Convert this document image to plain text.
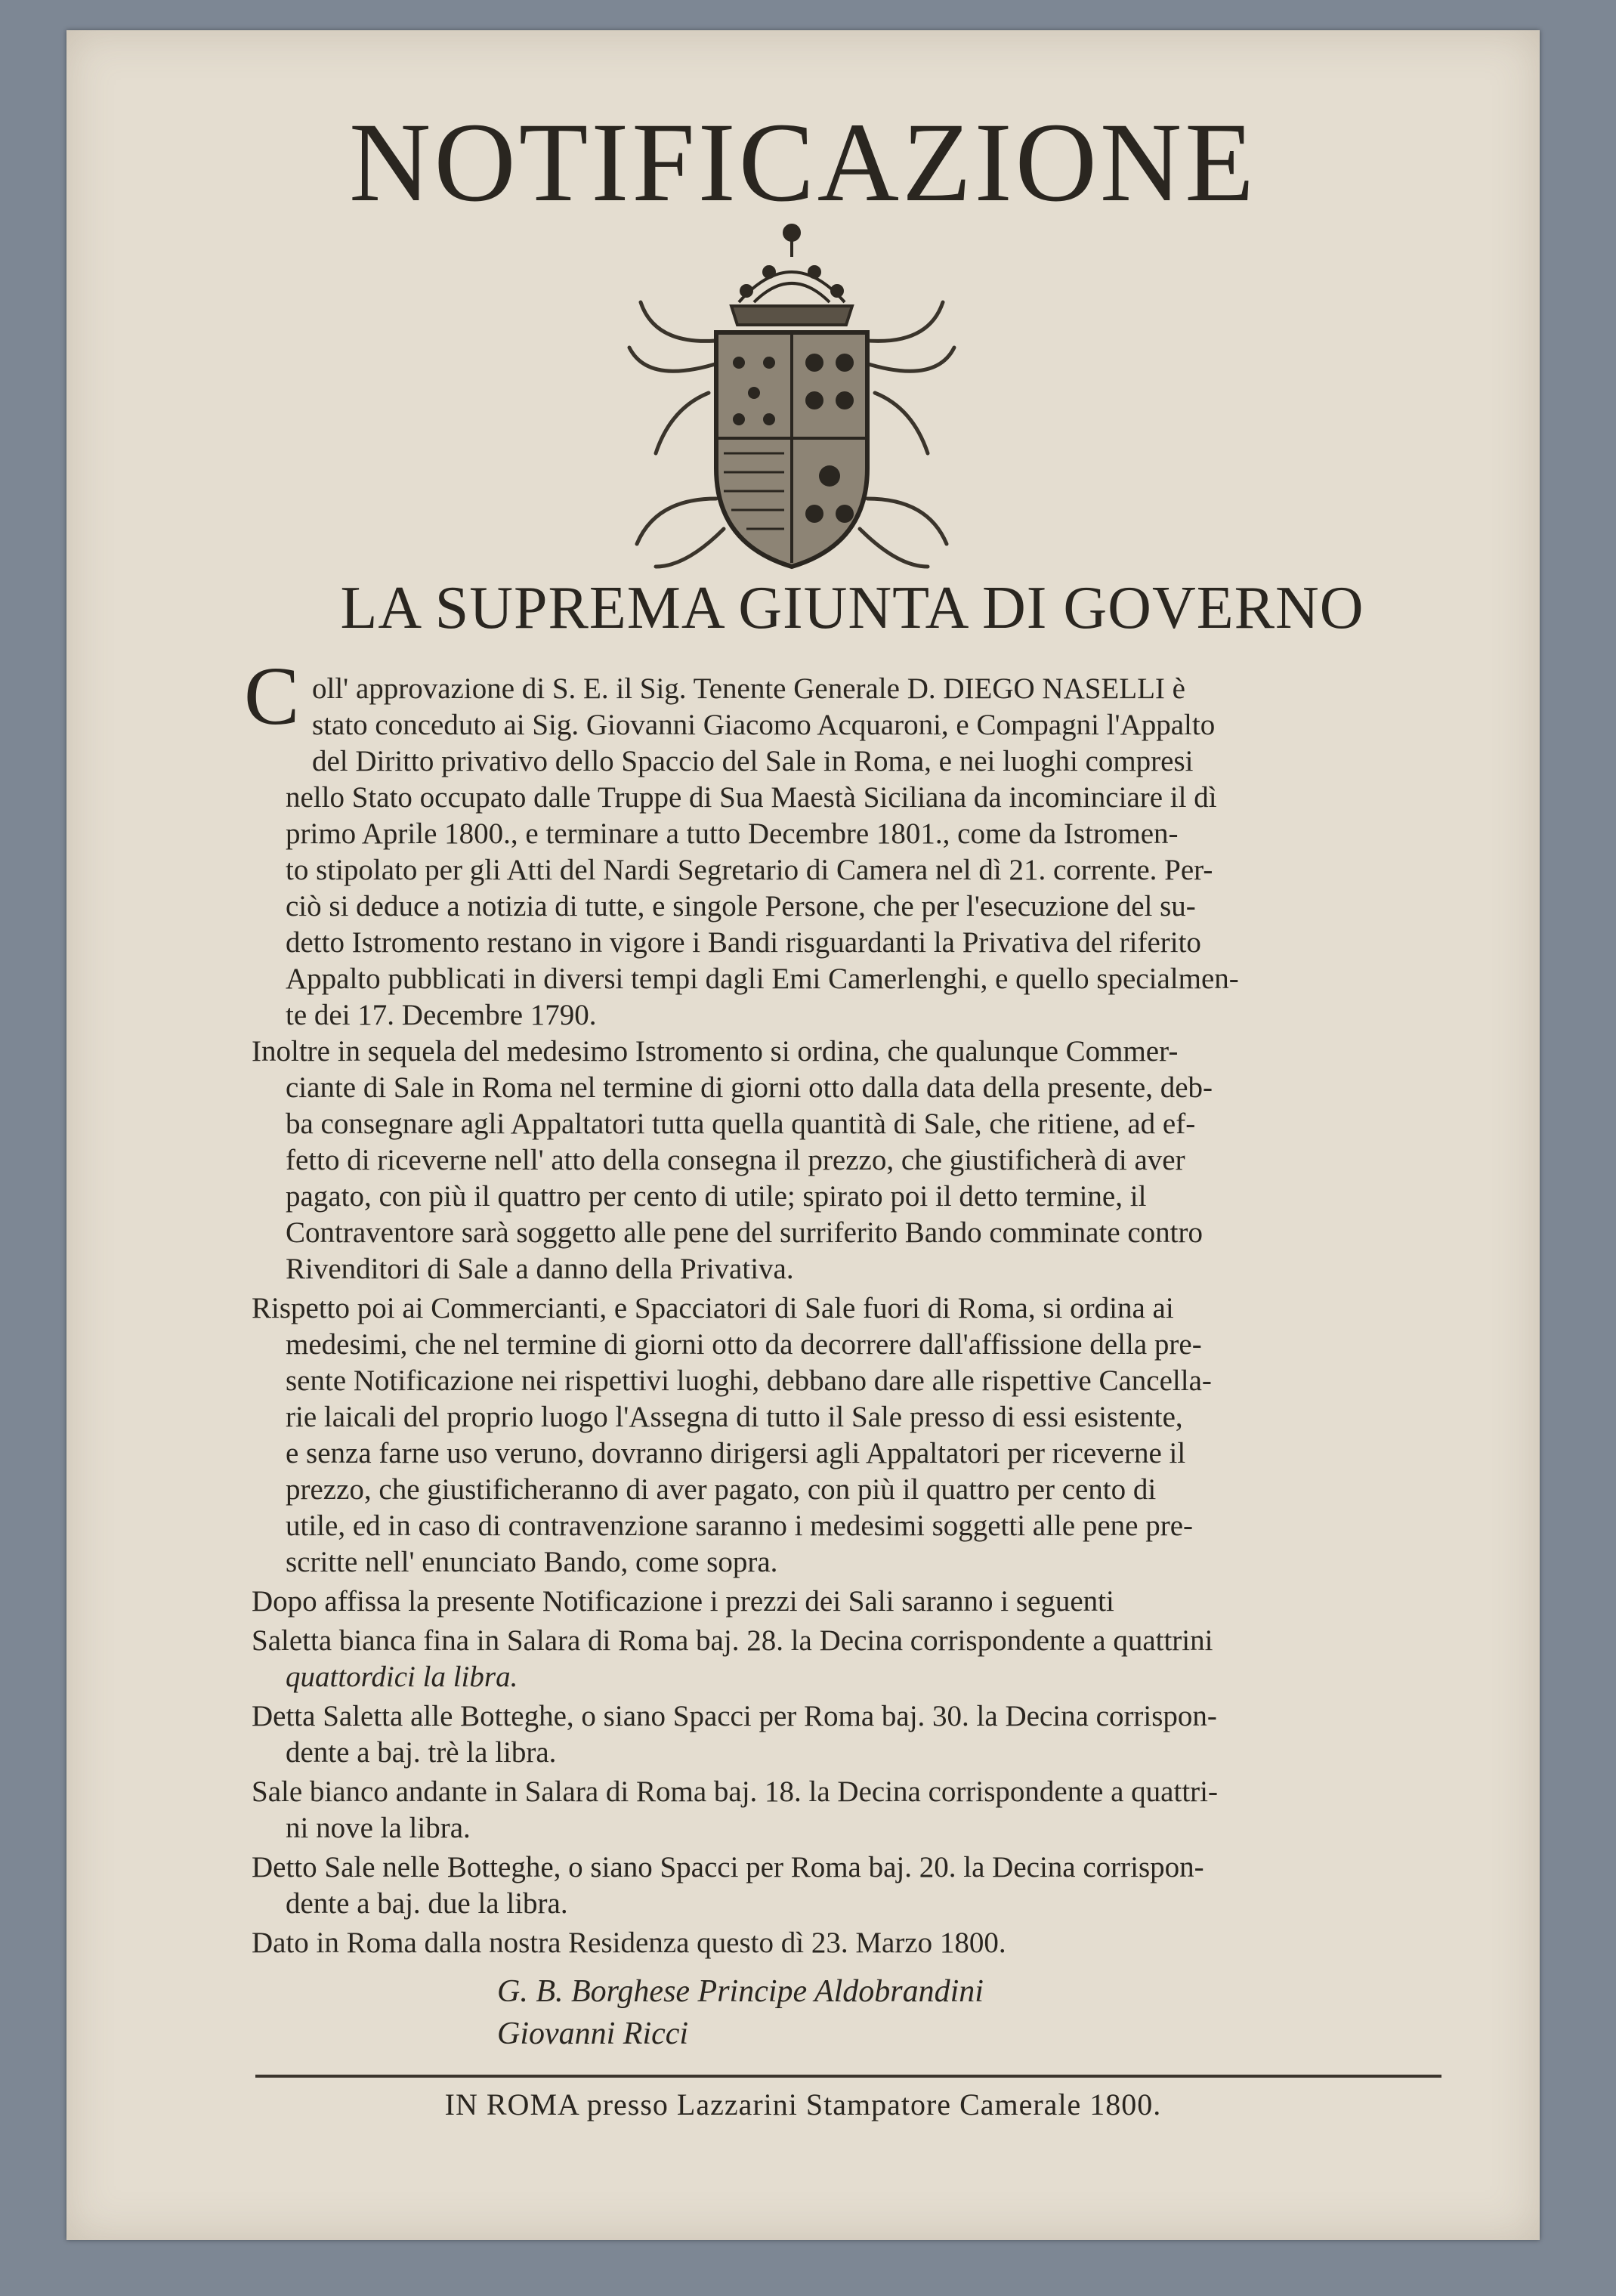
NOTIFICAZIONE
LA SUPREMA GIUNTA DI GOVERNO
C oll' approvazione di S. E. il Sig. Tenente Generale D. DIEGO NASELLI è
stato conceduto ai Sig. Giovanni Giacomo Acquaroni, e Compagni l'Appalto
del Diritto privativo dello Spaccio del Sale in Roma, e nei luoghi compresi
nello Stato occupato dalle Truppe di Sua Maestà Siciliana da incominciare il dì
primo Aprile 1800., e terminare a tutto Decembre 1801., come da Istromen-
to stipolato per gli Atti del Nardi Segretario di Camera nel dì 21. corrente. Per-
ciò si deduce a notizia di tutte, e singole Persone, che per l'esecuzione del su-
detto Istromento restano in vigore i Bandi risguardanti la Privativa del riferito
Appalto pubblicati in diversi tempi dagli Emi Camerlenghi, e quello specialmen-
te dei 17. Decembre 1790.
Inoltre in sequela del medesimo Istromento si ordina, che qualunque Commer-
ciante di Sale in Roma nel termine di giorni otto dalla data della presente, deb-
ba consegnare agli Appaltatori tutta quella quantità di Sale, che ritiene, ad ef-
fetto di riceverne nell' atto della consegna il prezzo, che giustificherà di aver
pagato, con più il quattro per cento di utile; spirato poi il detto termine, il
Contraventore sarà soggetto alle pene del surriferito Bando comminate contro
Rivenditori di Sale a danno della Privativa.
Rispetto poi ai Commercianti, e Spacciatori di Sale fuori di Roma, si ordina ai
medesimi, che nel termine di giorni otto da decorrere dall'affissione della pre-
sente Notificazione nei rispettivi luoghi, debbano dare alle rispettive Cancella-
rie laicali del proprio luogo l'Assegna di tutto il Sale presso di essi esistente,
e senza farne uso veruno, dovranno dirigersi agli Appaltatori per riceverne il
prezzo, che giustificheranno di aver pagato, con più il quattro per cento di
utile, ed in caso di contravenzione saranno i medesimi soggetti alle pene pre-
scritte nell' enunciato Bando, come sopra.
Dopo affissa la presente Notificazione i prezzi dei Sali saranno i seguenti
Saletta bianca fina in Salara di Roma baj. 28. la Decina corrispondente a quattrini
quattordici la libra.
Detta Saletta alle Botteghe, o siano Spacci per Roma baj. 30. la Decina corrispon-
dente a baj. trè la libra.
Sale bianco andante in Salara di Roma baj. 18. la Decina corrispondente a quattri-
ni nove la libra.
Detto Sale nelle Botteghe, o siano Spacci per Roma baj. 20. la Decina corrispon-
dente a baj. due la libra.
Dato in Roma dalla nostra Residenza questo dì 23. Marzo 1800.
G. B. Borghese Principe Aldobrandini
Giovanni Ricci
IN ROMA presso Lazzarini Stampatore Camerale 1800.
